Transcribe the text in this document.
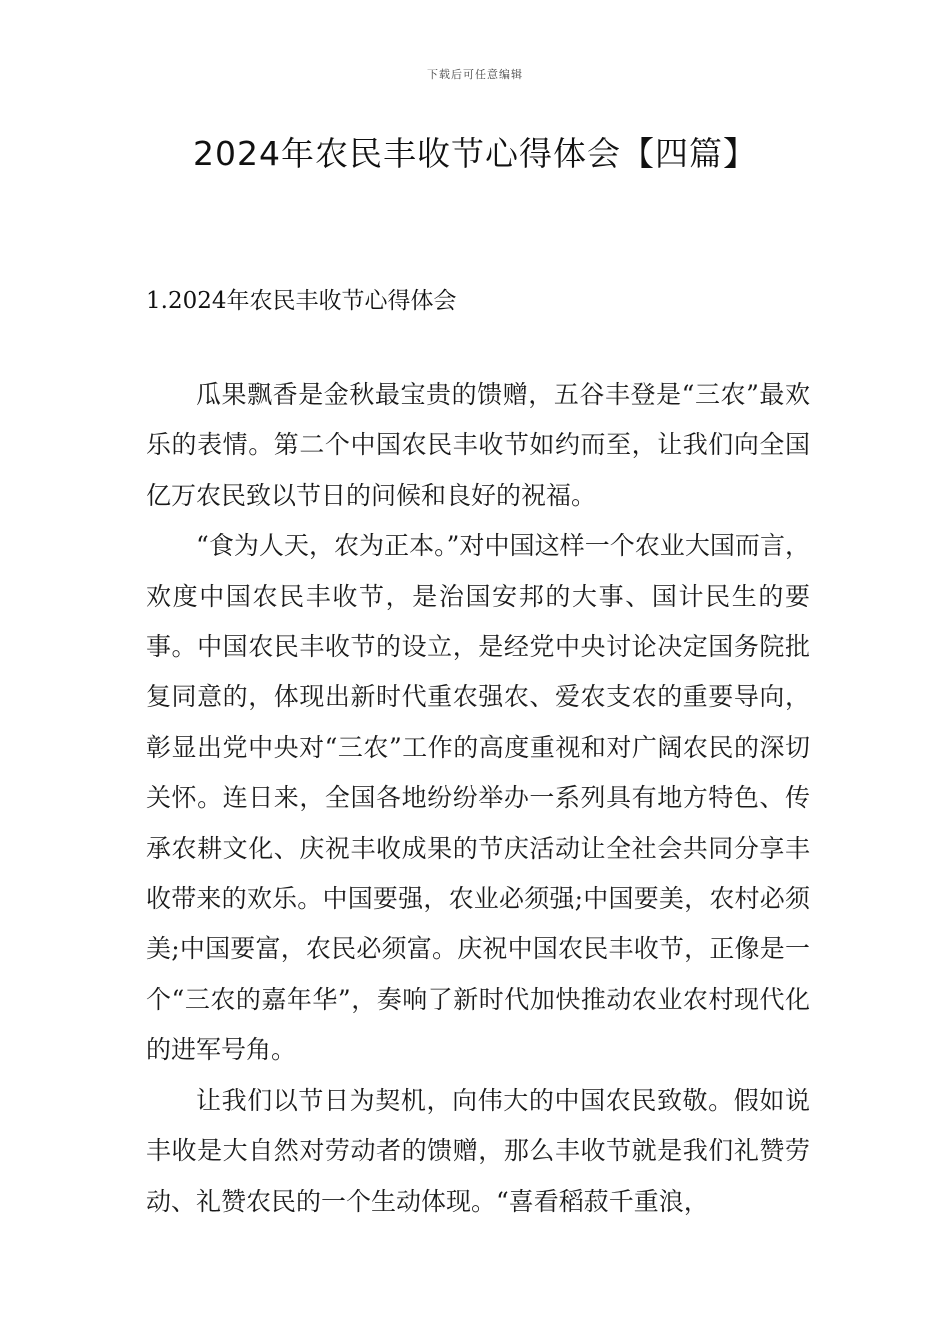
下载后可任意编辑
2024年农民丰收节心得体会【四篇】
1.2024年农民丰收节心得体会

瓜果飘香是金秋最宝贵的馈赠，五谷丰登是“三农”最欢乐的表情。第二个中国农民丰收节如约而至，让我们向全国亿万农民致以节日的问候和良好的祝福。

“食为人天，农为正本。”对中国这样一个农业大国而言，欢度中国农民丰收节，是治国安邦的大事、国计民生的要事。中国农民丰收节的设立，是经党中央讨论决定国务院批复同意的，体现出新时代重农强农、爱农支农的重要导向，彰显出党中央对“三农”工作的高度重视和对广阔农民的深切关怀。连日来，全国各地纷纷举办一系列具有地方特色、传承农耕文化、庆祝丰收成果的节庆活动让全社会共同分享丰收带来的欢乐。中国要强，农业必须强;中国要美，农村必须美;中国要富，农民必须富。庆祝中国农民丰收节，正像是一个“三农的嘉年华”，奏响了新时代加快推动农业农村现代化的进军号角。

让我们以节日为契机，向伟大的中国农民致敬。假如说丰收是大自然对劳动者的馈赠，那么丰收节就是我们礼赞劳动、礼赞农民的一个生动体现。“喜看稻菽千重浪，
